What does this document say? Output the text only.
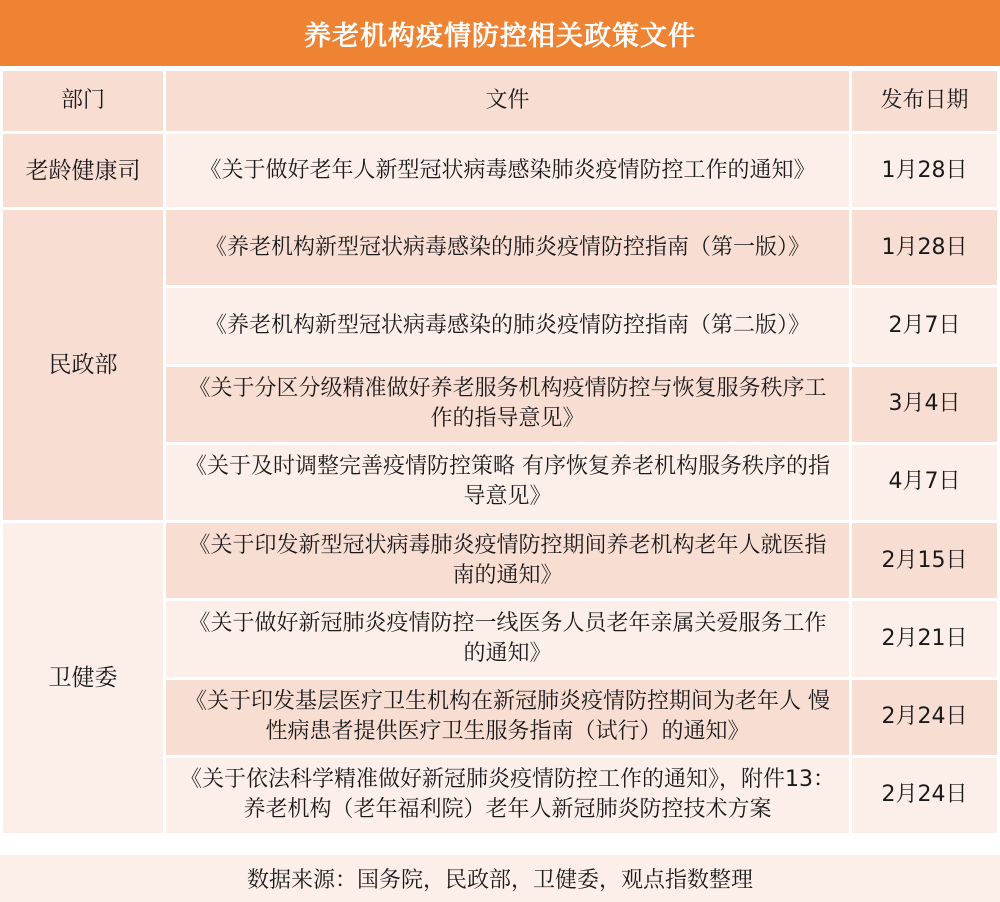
养老机构疫情防控相关政策文件
部门	文件	发布日期
老龄健康司	《关于做好老年人新型冠状病毒感染肺炎疫情防控工作的通知》	1月28日
民政部	《养老机构新型冠状病毒感染的肺炎疫情防控指南（第一版）》	1月28日
	《养老机构新型冠状病毒感染的肺炎疫情防控指南（第二版）》	2月7日
	《关于分区分级精准做好养老服务机构疫情防控与恢复服务秩序工作的指导意见》	3月4日
	《关于及时调整完善疫情防控策略 有序恢复养老机构服务秩序的指导意见》	4月7日
卫健委	《关于印发新型冠状病毒肺炎疫情防控期间养老机构老年人就医指南的通知》	2月15日
	《关于做好新冠肺炎疫情防控一线医务人员老年亲属关爱服务工作的通知》	2月21日
	《关于印发基层医疗卫生机构在新冠肺炎疫情防控期间为老年人 慢性病患者提供医疗卫生服务指南（试行）的通知》	2月24日
	《关于依法科学精准做好新冠肺炎疫情防控工作的通知》，附件13：养老机构（老年福利院）老年人新冠肺炎防控技术方案	2月24日
数据来源：国务院，民政部，卫健委，观点指数整理
